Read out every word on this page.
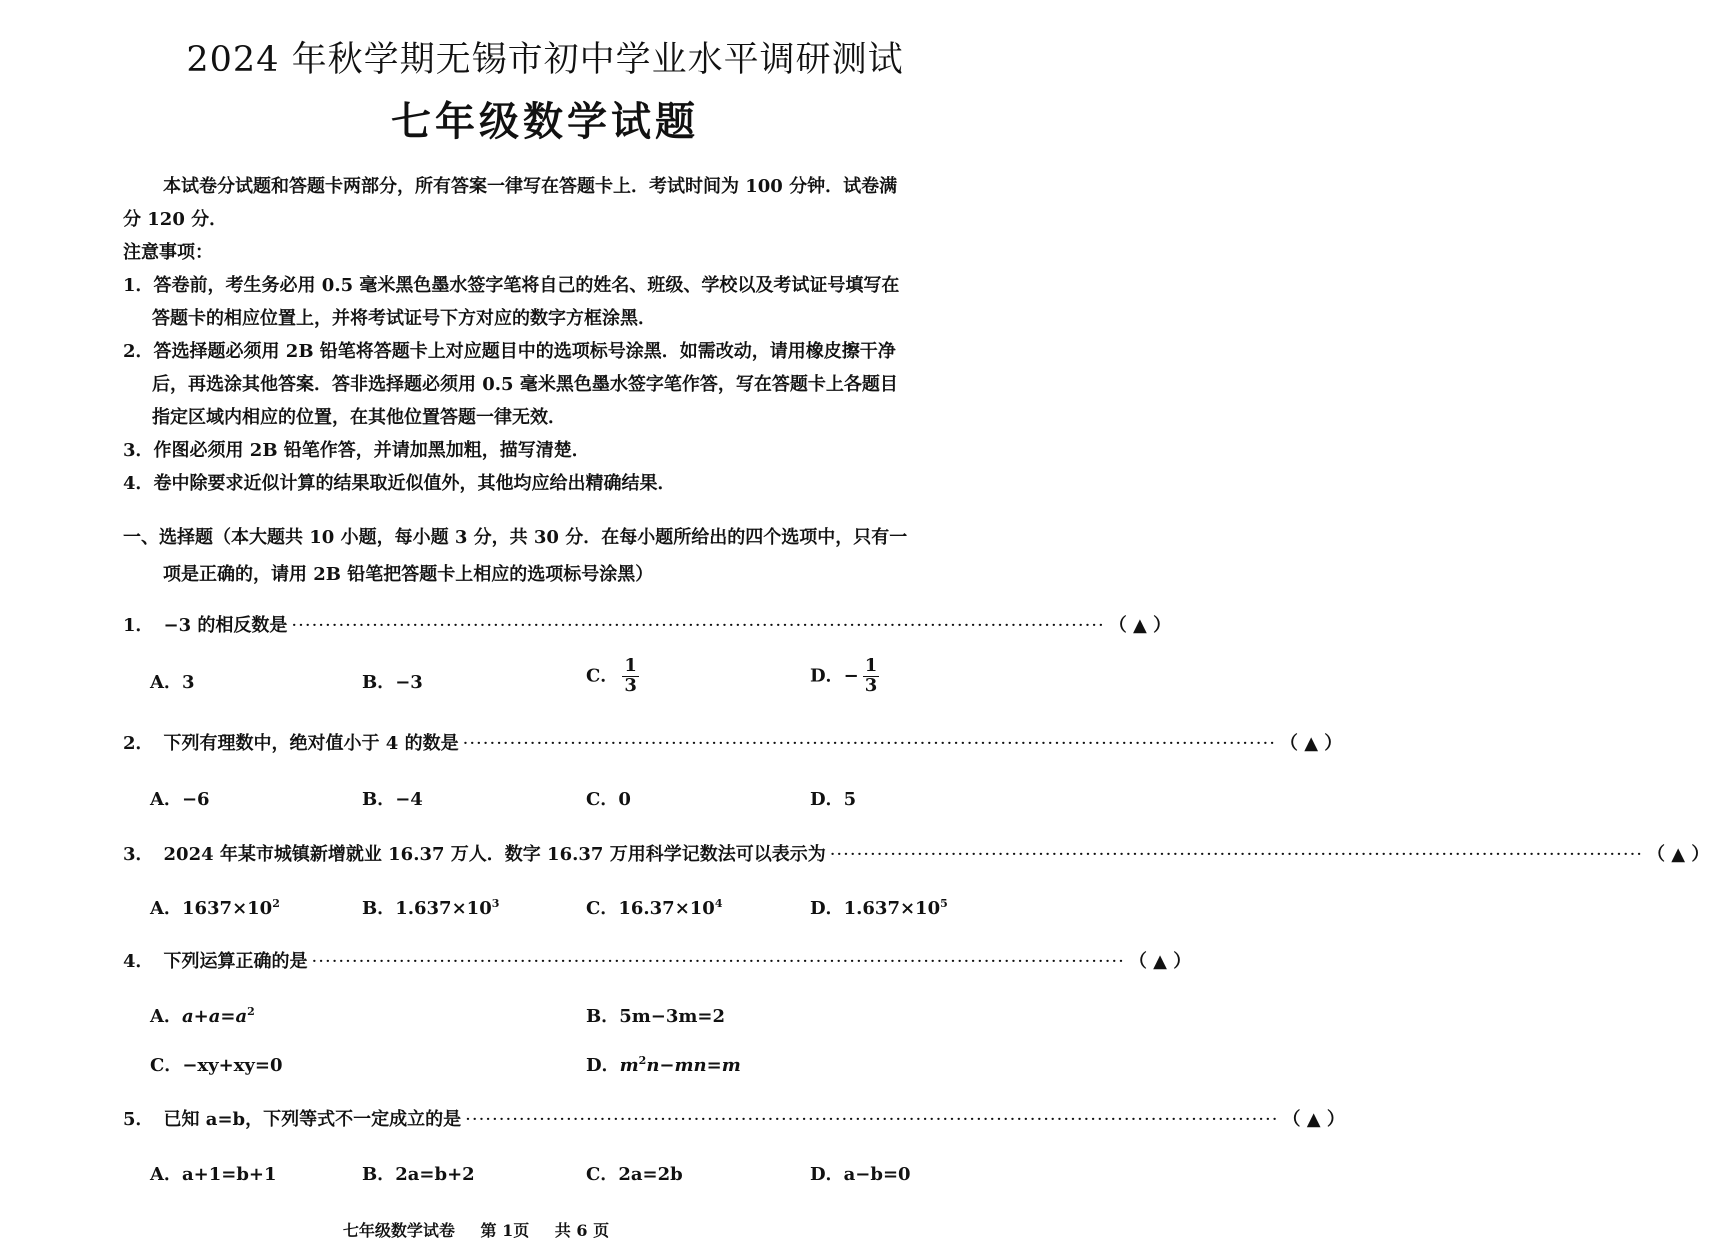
2024 年秋学期无锡市初中学业水平调研测试
七年级数学试题
本试卷分试题和答题卡两部分，所有答案一律写在答题卡上．考试时间为 100 分钟．试卷满
分 120 分．
注意事项：
1．答卷前，考生务必用 0.5 毫米黑色墨水签字笔将自己的姓名、班级、学校以及考试证号填写在
答题卡的相应位置上，并将考试证号下方对应的数字方框涂黑．
2．答选择题必须用 2B 铅笔将答题卡上对应题目中的选项标号涂黑．如需改动，请用橡皮擦干净
后，再选涂其他答案．答非选择题必须用 0.5 毫米黑色墨水签字笔作答，写在答题卡上各题目
指定区域内相应的位置，在其他位置答题一律无效．
3．作图必须用 2B 铅笔作答，并请加黑加粗，描写清楚．
4．卷中除要求近似计算的结果取近似值外，其他均应给出精确结果．
一、选择题（本大题共 10 小题，每小题 3 分，共 30 分．在每小题所给出的四个选项中，只有一
项是正确的，请用 2B 铅笔把答题卡上相应的选项标号涂黑）
1． −3 的相反数是 ························································································································· （ ▲ ）
A．3	B．−3	C． $\frac{1}{3}$	D．− $\frac{1}{3}$
2． 下列有理数中，绝对值小于 4 的数是 ························································································································· （ ▲ ）
A．−6	B．−4	C．0	D．5
3． 2024 年某市城镇新增就业 16.37 万人．数字 16.37 万用科学记数法可以表示为 ························································································································· （ ▲ ）
A．$1637\times 10^2$	B．$1.637\times 10^3$	C．$16.37\times 10^4$	D．$1.637\times 10^5$
4． 下列运算正确的是 ························································································································· （ ▲ ）
A．$a+a=a^2$	B．5m−3m=2
C．−xy+xy=0	D．$m^2n-mn=m$
5． 已知 a=b，下列等式不一定成立的是 ························································································································· （ ▲ ）
A．a+1=b+1	B．2a=b+2	C．2a=2b	D．a−b=0
七年级数学试卷 第 1页 共 6 页
